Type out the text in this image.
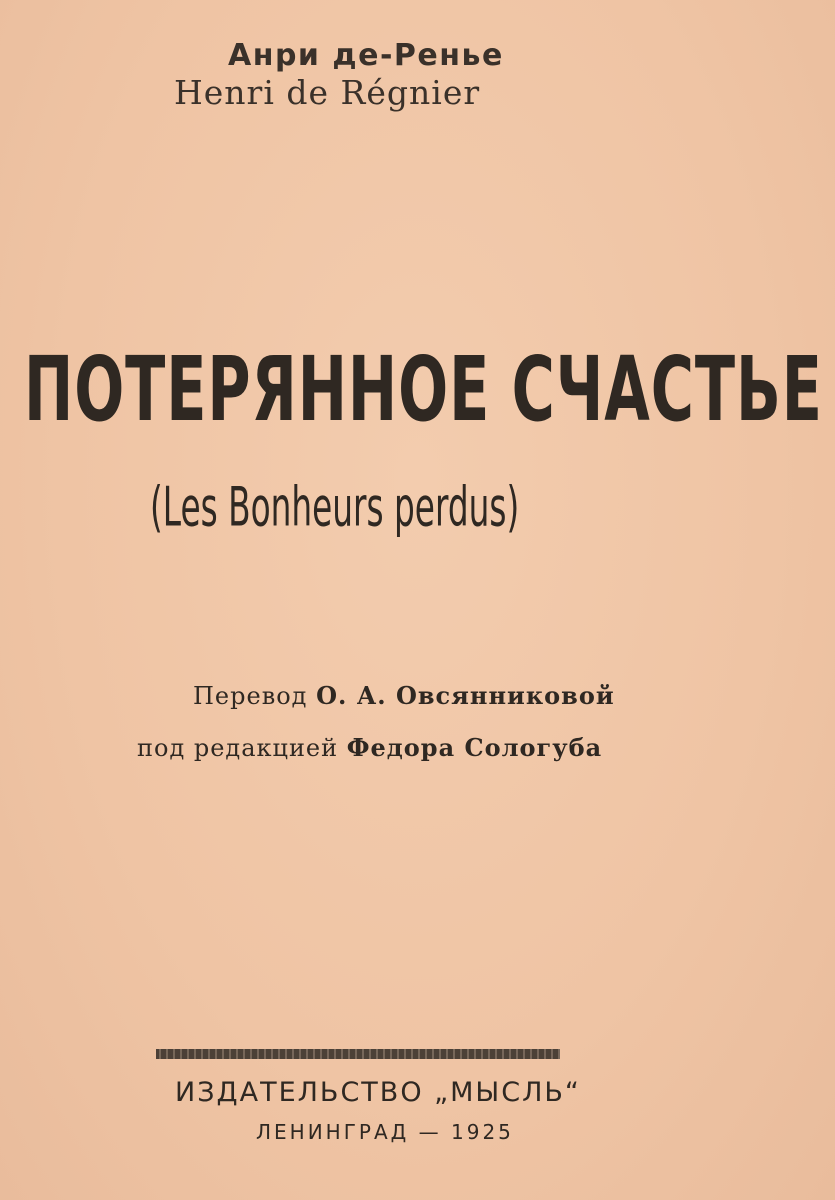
Анри де-Ренье
Henri de Régnier
ПОТЕРЯННОЕ СЧАСТЬЕ
(Les Bonheurs perdus)
Перевод О. А. Овсянниковой
под редакцией Федора Сологуба
ИЗДАТЕЛЬСТВО „МЫСЛЬ“
ЛЕНИНГРАД — 1925
